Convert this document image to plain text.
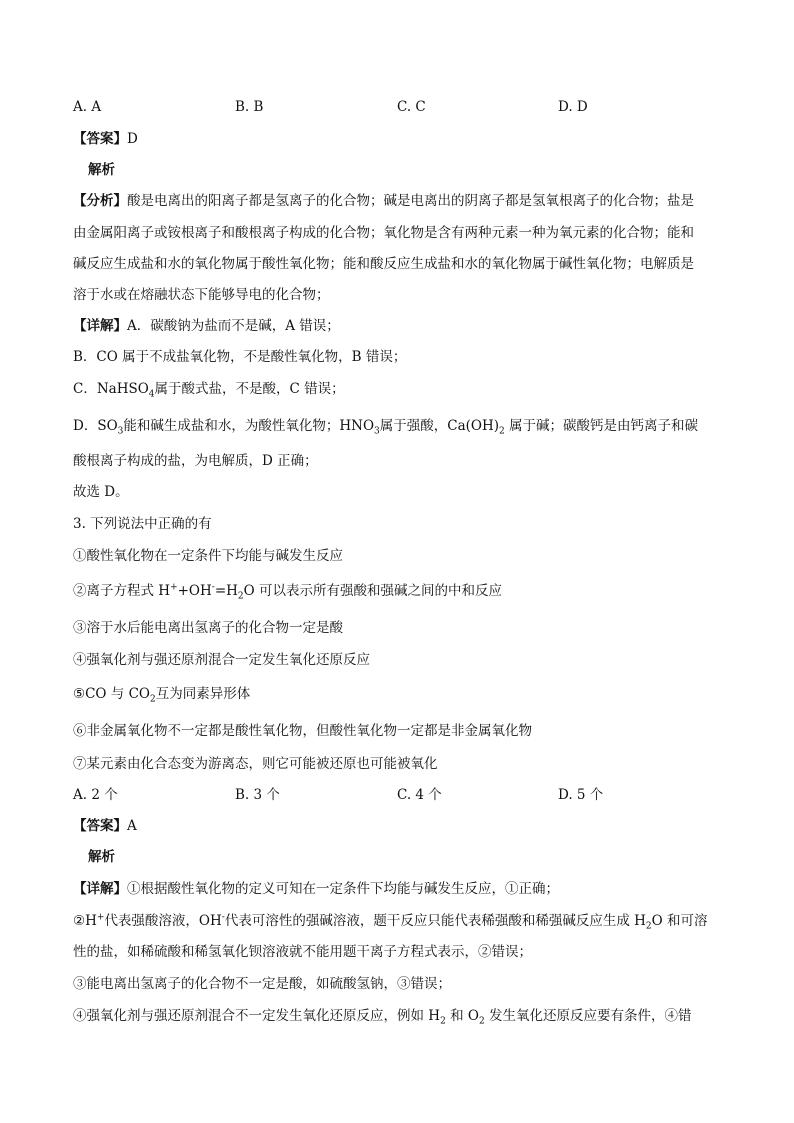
A. A	B. B	C. C	D. D
【答案】D
解析
【分析】酸是电离出的阳离子都是氢离子的化合物；碱是电离出的阴离子都是氢氧根离子的化合物；盐是
由金属阳离子或铵根离子和酸根离子构成的化合物；氧化物是含有两种元素一种为氧元素的化合物；能和
碱反应生成盐和水的氧化物属于酸性氧化物；能和酸反应生成盐和水的氧化物属于碱性氧化物；电解质是
溶于水或在熔融状态下能够导电的化合物；
【详解】A．碳酸钠为盐而不是碱，A 错误；
B．CO 属于不成盐氧化物，不是酸性氧化物，B 错误；
C．NaHSO$_4$属于酸式盐，不是酸，C 错误；
D．$SO_3$能和碱生成盐和水，为酸性氧化物；$HNO_3$属于强酸，$Ca(OH)_2$ 属于碱；碳酸钙是由钙离子和碳
酸根离子构成的盐，为电解质，D 正确；
故选 D。
3. 下列说法中正确的有
①酸性氧化物在一定条件下均能与碱发生反应
②离子方程式 $H^++OH^-=H_2O$ 可以表示所有强酸和强碱之间的中和反应
③溶于水后能电离出氢离子的化合物一定是酸
④强氧化剂与强还原剂混合一定发生氧化还原反应
⑤CO 与 $CO_2$互为同素异形体
⑥非金属氧化物不一定都是酸性氧化物，但酸性氧化物一定都是非金属氧化物
⑦某元素由化合态变为游离态，则它可能被还原也可能被氧化
A. 2 个	B. 3 个	C. 4 个	D. 5 个
【答案】A
解析
【详解】①根据酸性氧化物的定义可知在一定条件下均能与碱发生反应，①正确；
②H+代表强酸溶液，OH-代表可溶性的强碱溶液，题干反应只能代表稀强酸和稀强碱反应生成 $H_2O$ 和可溶
性的盐，如稀硫酸和稀氢氧化钡溶液就不能用题干离子方程式表示，②错误；
③能电离出氢离子的化合物不一定是酸，如硫酸氢钠，③错误；
④强氧化剂与强还原剂混合不一定发生氧化还原反应，例如 $H_2$ 和 $O_2$ 发生氧化还原反应要有条件，④错
